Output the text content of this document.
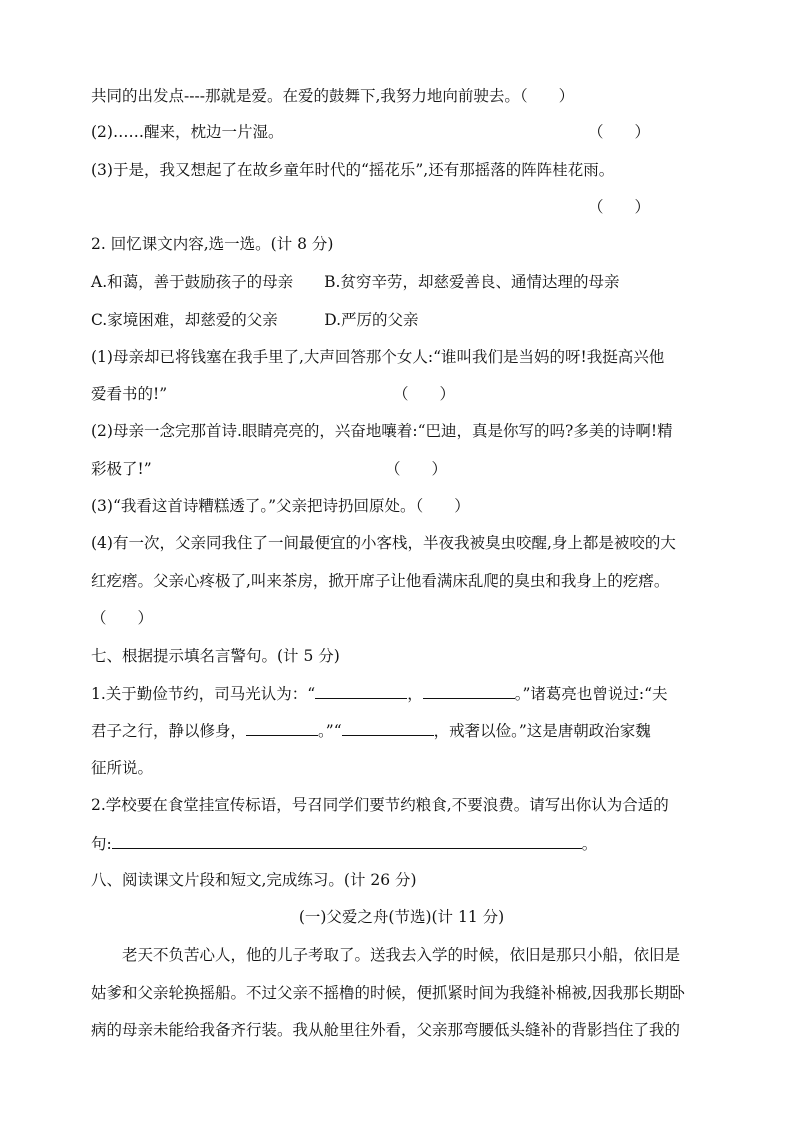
共同的出发点----那就是爱。在爱的鼓舞下,我努力地向前驶去。（　　）
(2)……醒来，枕边一片湿。	（　　）
(3)于是，我又想起了在故乡童年时代的“摇花乐”,还有那摇落的阵阵桂花雨。
（　　）
2. 回忆课文内容,选一选。(计 8 分)
A.和蔼，善于鼓励孩子的母亲　　B.贫穷辛劳，却慈爱善良、通情达理的母亲
C.家境困难，却慈爱的父亲　　　D.严厉的父亲
(1)母亲却已将钱塞在我手里了,大声回答那个女人:“谁叫我们是当妈的呀!我挺高兴他
爱看书的!”	（　　）
(2)母亲一念完那首诗.眼睛亮亮的，兴奋地嚷着:“巴迪，真是你写的吗?多美的诗啊!精
彩极了!”	（　　）
(3)“我看这首诗糟糕透了。”父亲把诗扔回原处。（　　）
(4)有一次，父亲同我住了一间最便宜的小客栈，半夜我被臭虫咬醒,身上都是被咬的大
红疙瘩。父亲心疼极了,叫来茶房，掀开席子让他看满床乱爬的臭虫和我身上的疙瘩。
（　　）
七、根据提示填名言警句。(计 5 分)
1.关于勤俭节约，司马光认为：“	，	。”诸葛亮也曾说过:“夫
君子之行，静以修身，	。”“	，戒奢以俭。”这是唐朝政治家魏
征所说。
2.学校要在食堂挂宣传标语，号召同学们要节约粮食,不要浪费。请写出你认为合适的
句:	。
八、阅读课文片段和短文,完成练习。(计 26 分)
(一)父爱之舟(节选)(计 11 分)
老天不负苦心人，他的儿子考取了。送我去入学的时候，依旧是那只小船，依旧是
姑爹和父亲轮换摇船。不过父亲不摇橹的时候，便抓紧时间为我缝补棉被,因我那长期卧
病的母亲未能给我备齐行装。我从舱里往外看，父亲那弯腰低头缝补的背影挡住了我的
